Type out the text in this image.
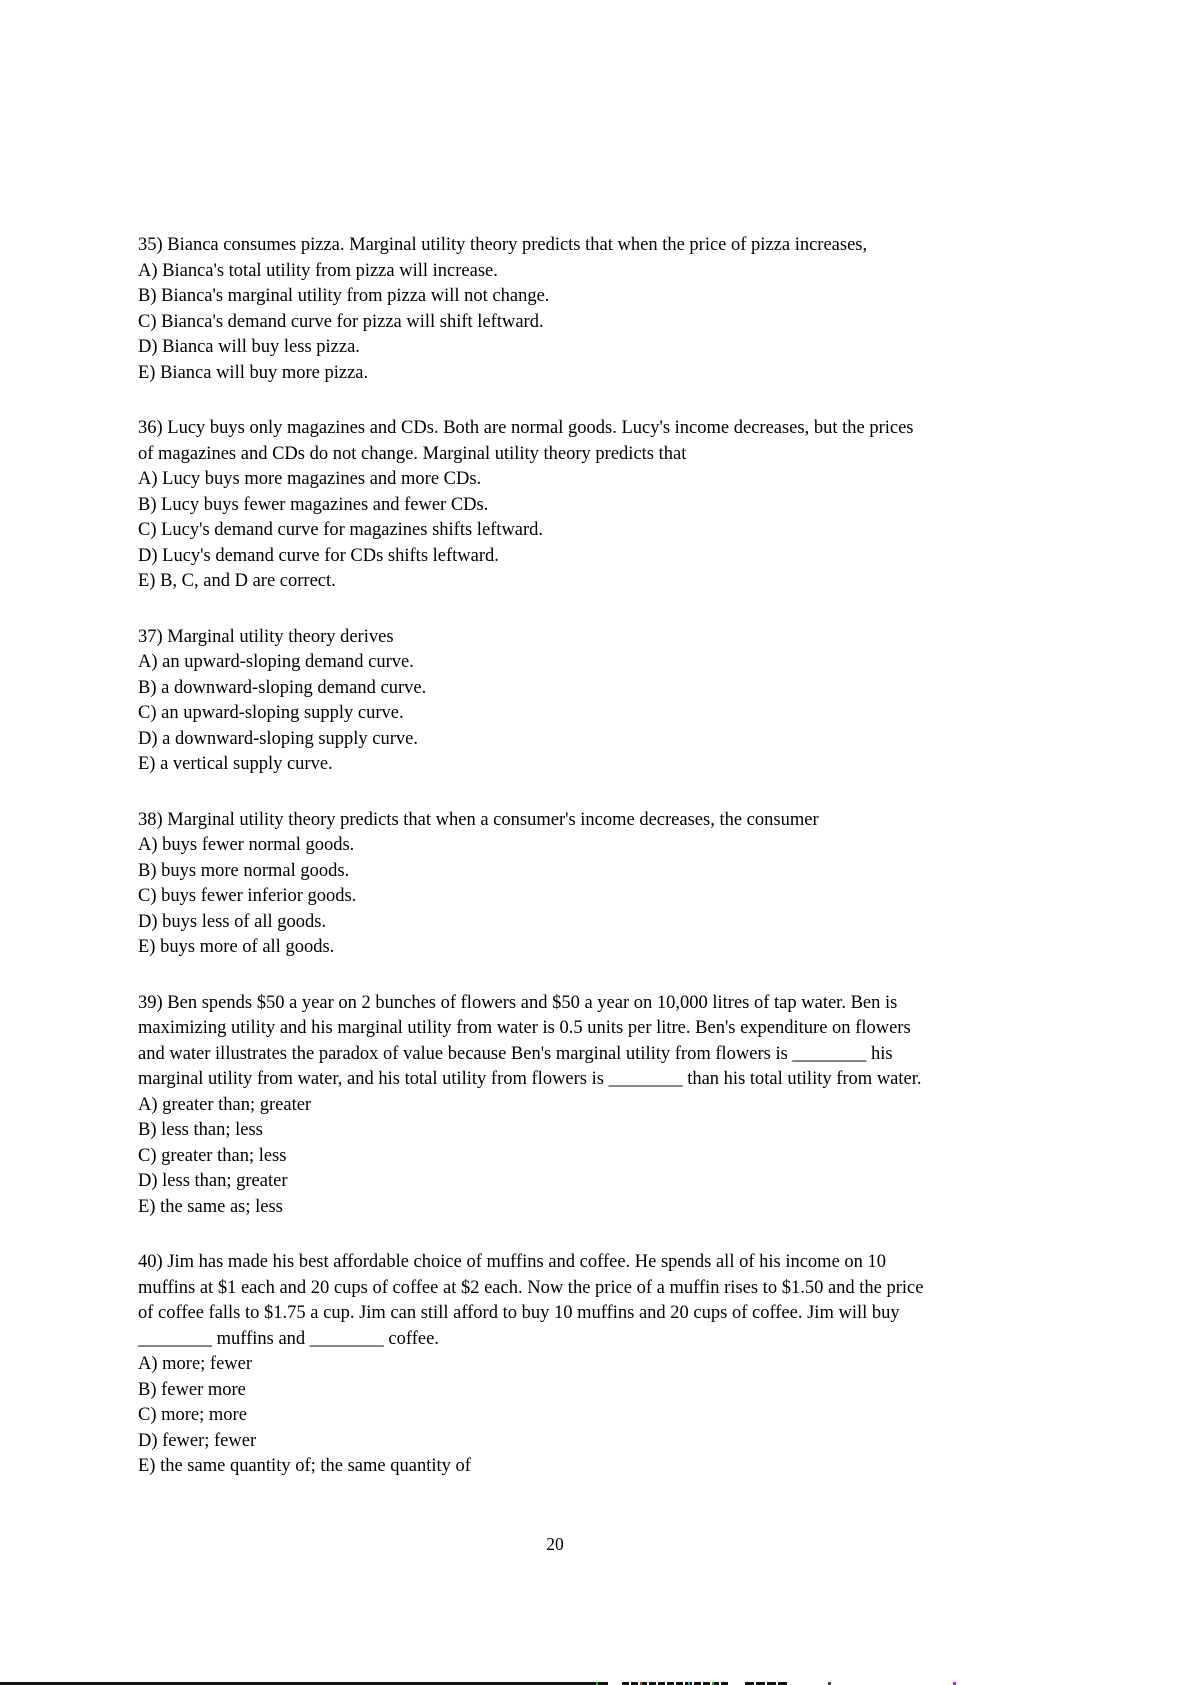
35) Bianca consumes pizza. Marginal utility theory predicts that when the price of pizza increases,
A) Bianca's total utility from pizza will increase.
B) Bianca's marginal utility from pizza will not change.
C) Bianca's demand curve for pizza will shift leftward.
D) Bianca will buy less pizza.
E) Bianca will buy more pizza.
36) Lucy buys only magazines and CDs. Both are normal goods. Lucy's income decreases, but the prices
of magazines and CDs do not change. Marginal utility theory predicts that
A) Lucy buys more magazines and more CDs.
B) Lucy buys fewer magazines and fewer CDs.
C) Lucy's demand curve for magazines shifts leftward.
D) Lucy's demand curve for CDs shifts leftward.
E) B, C, and D are correct.
37) Marginal utility theory derives
A) an upward-sloping demand curve.
B) a downward-sloping demand curve.
C) an upward-sloping supply curve.
D) a downward-sloping supply curve.
E) a vertical supply curve.
38) Marginal utility theory predicts that when a consumer's income decreases, the consumer
A) buys fewer normal goods.
B) buys more normal goods.
C) buys fewer inferior goods.
D) buys less of all goods.
E) buys more of all goods.
39) Ben spends $50 a year on 2 bunches of flowers and $50 a year on 10,000 litres of tap water. Ben is
maximizing utility and his marginal utility from water is 0.5 units per litre. Ben's expenditure on flowers
and water illustrates the paradox of value because Ben's marginal utility from flowers is ________ his
marginal utility from water, and his total utility from flowers is ________ than his total utility from water.
A) greater than; greater
B) less than; less
C) greater than; less
D) less than; greater
E) the same as; less
40) Jim has made his best affordable choice of muffins and coffee. He spends all of his income on 10
muffins at $1 each and 20 cups of coffee at $2 each. Now the price of a muffin rises to $1.50 and the price
of coffee falls to $1.75 a cup. Jim can still afford to buy 10 muffins and 20 cups of coffee. Jim will buy
________ muffins and ________ coffee.
A) more; fewer
B) fewer more
C) more; more
D) fewer; fewer
E) the same quantity of; the same quantity of
20
